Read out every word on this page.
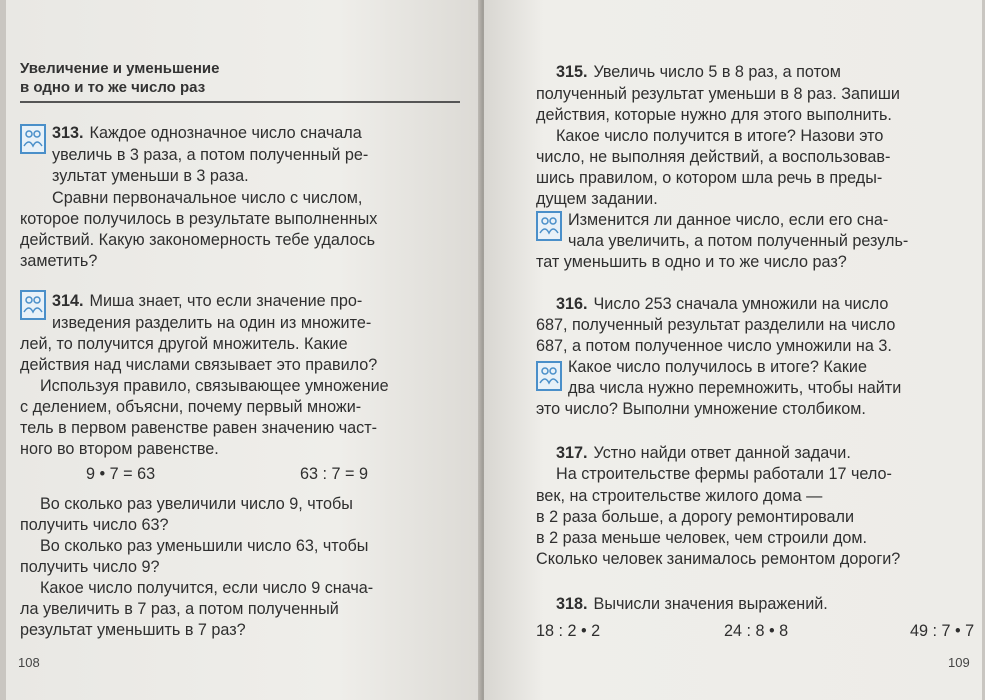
Увеличение и уменьшение
в одно и то же число раз
313. Каждое однозначное число сначала
увеличь в 3 раза, а потом полученный ре-
зультат уменьши в 3 раза.
Сравни первоначальное число с числом,
которое получилось в результате выполненных
действий. Какую закономерность тебе удалось
заметить?
314. Миша знает, что если значение про-
изведения разделить на один из множите-
лей, то получится другой множитель. Какие
действия над числами связывает это правило?
Используя правило, связывающее умножение
с делением, объясни, почему первый множи-
тель в первом равенстве равен значению част-
ного во втором равенстве.
9 • 7 = 63	63 : 7 = 9
Во сколько раз увеличили число 9, чтобы
получить число 63?
Во сколько раз уменьшили число 63, чтобы
получить число 9?
Какое число получится, если число 9 снача-
ла увеличить в 7 раз, а потом полученный
результат уменьшить в 7 раз?
108
315. Увеличь число 5 в 8 раз, а потом
полученный результат уменьши в 8 раз. Запиши
действия, которые нужно для этого выполнить.
Какое число получится в итоге? Назови это
число, не выполняя действий, а воспользовав-
шись правилом, о котором шла речь в преды-
дущем задании.
Изменится ли данное число, если его сна-
чала увеличить, а потом полученный резуль-
тат уменьшить в одно и то же число раз?
316. Число 253 сначала умножили на число
687, полученный результат разделили на число
687, а потом полученное число умножили на 3.
Какое число получилось в итоге? Какие
два числа нужно перемножить, чтобы найти
это число? Выполни умножение столбиком.
317. Устно найди ответ данной задачи.
На строительстве фермы работали 17 чело-
век, на строительстве жилого дома —
в 2 раза больше, а дорогу ремонтировали
в 2 раза меньше человек, чем строили дом.
Сколько человек занималось ремонтом дороги?
318. Вычисли значения выражений.
18 : 2 • 2	24 : 8 • 8	49 : 7 • 7
109
